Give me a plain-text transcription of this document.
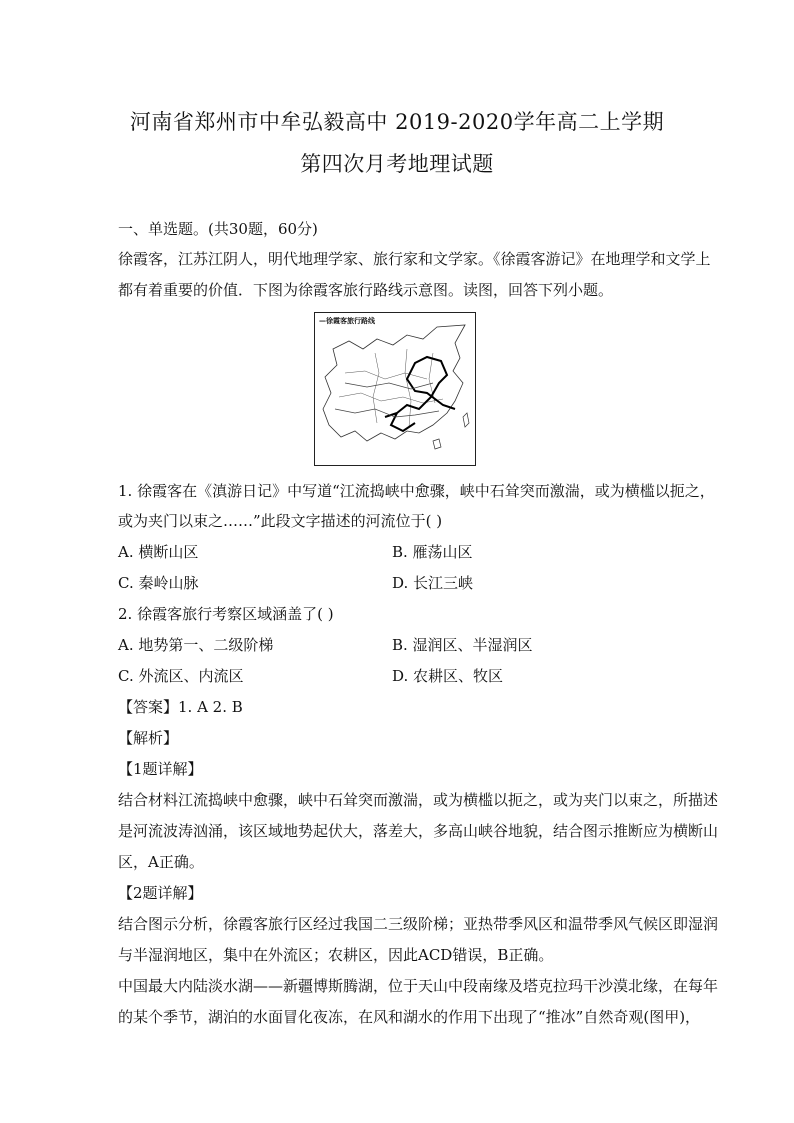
河南省郑州市中牟弘毅高中 2019-2020学年高二上学期
第四次月考地理试题
一、单选题。(共30题，60分)
徐霞客，江苏江阴人，明代地理学家、旅行家和文学家。《徐霞客游记》在地理学和文学上
都有着重要的价值．下图为徐霞客旅行路线示意图。读图，回答下列小题。
—徐霞客旅行路线
1. 徐霞客在《滇游日记》中写道“江流捣峡中愈骤，峡中石耸突而激湍，或为横槛以扼之，
或为夹门以束之……”此段文字描述的河流位于( )
A. 横断山区	B. 雁荡山区
C. 秦岭山脉	D. 长江三峡
2. 徐霞客旅行考察区域涵盖了( )
A. 地势第一、二级阶梯	B. 湿润区、半湿润区
C. 外流区、内流区	D. 农耕区、牧区
【答案】1. A 2. B
【解析】
【1题详解】
结合材料江流捣峡中愈骤，峡中石耸突而激湍，或为横槛以扼之，或为夹门以束之，所描述
是河流波涛汹涌，该区域地势起伏大，落差大，多高山峡谷地貌，结合图示推断应为横断山
区，A正确。
【2题详解】
结合图示分析，徐霞客旅行区经过我国二三级阶梯；亚热带季风区和温带季风气候区即湿润
与半湿润地区，集中在外流区；农耕区，因此ACD错误，B正确。
中国最大内陆淡水湖——新疆博斯腾湖，位于天山中段南缘及塔克拉玛干沙漠北缘，在每年
的某个季节，湖泊的水面冒化夜冻，在风和湖水的作用下出现了“推冰”自然奇观(图甲)，
